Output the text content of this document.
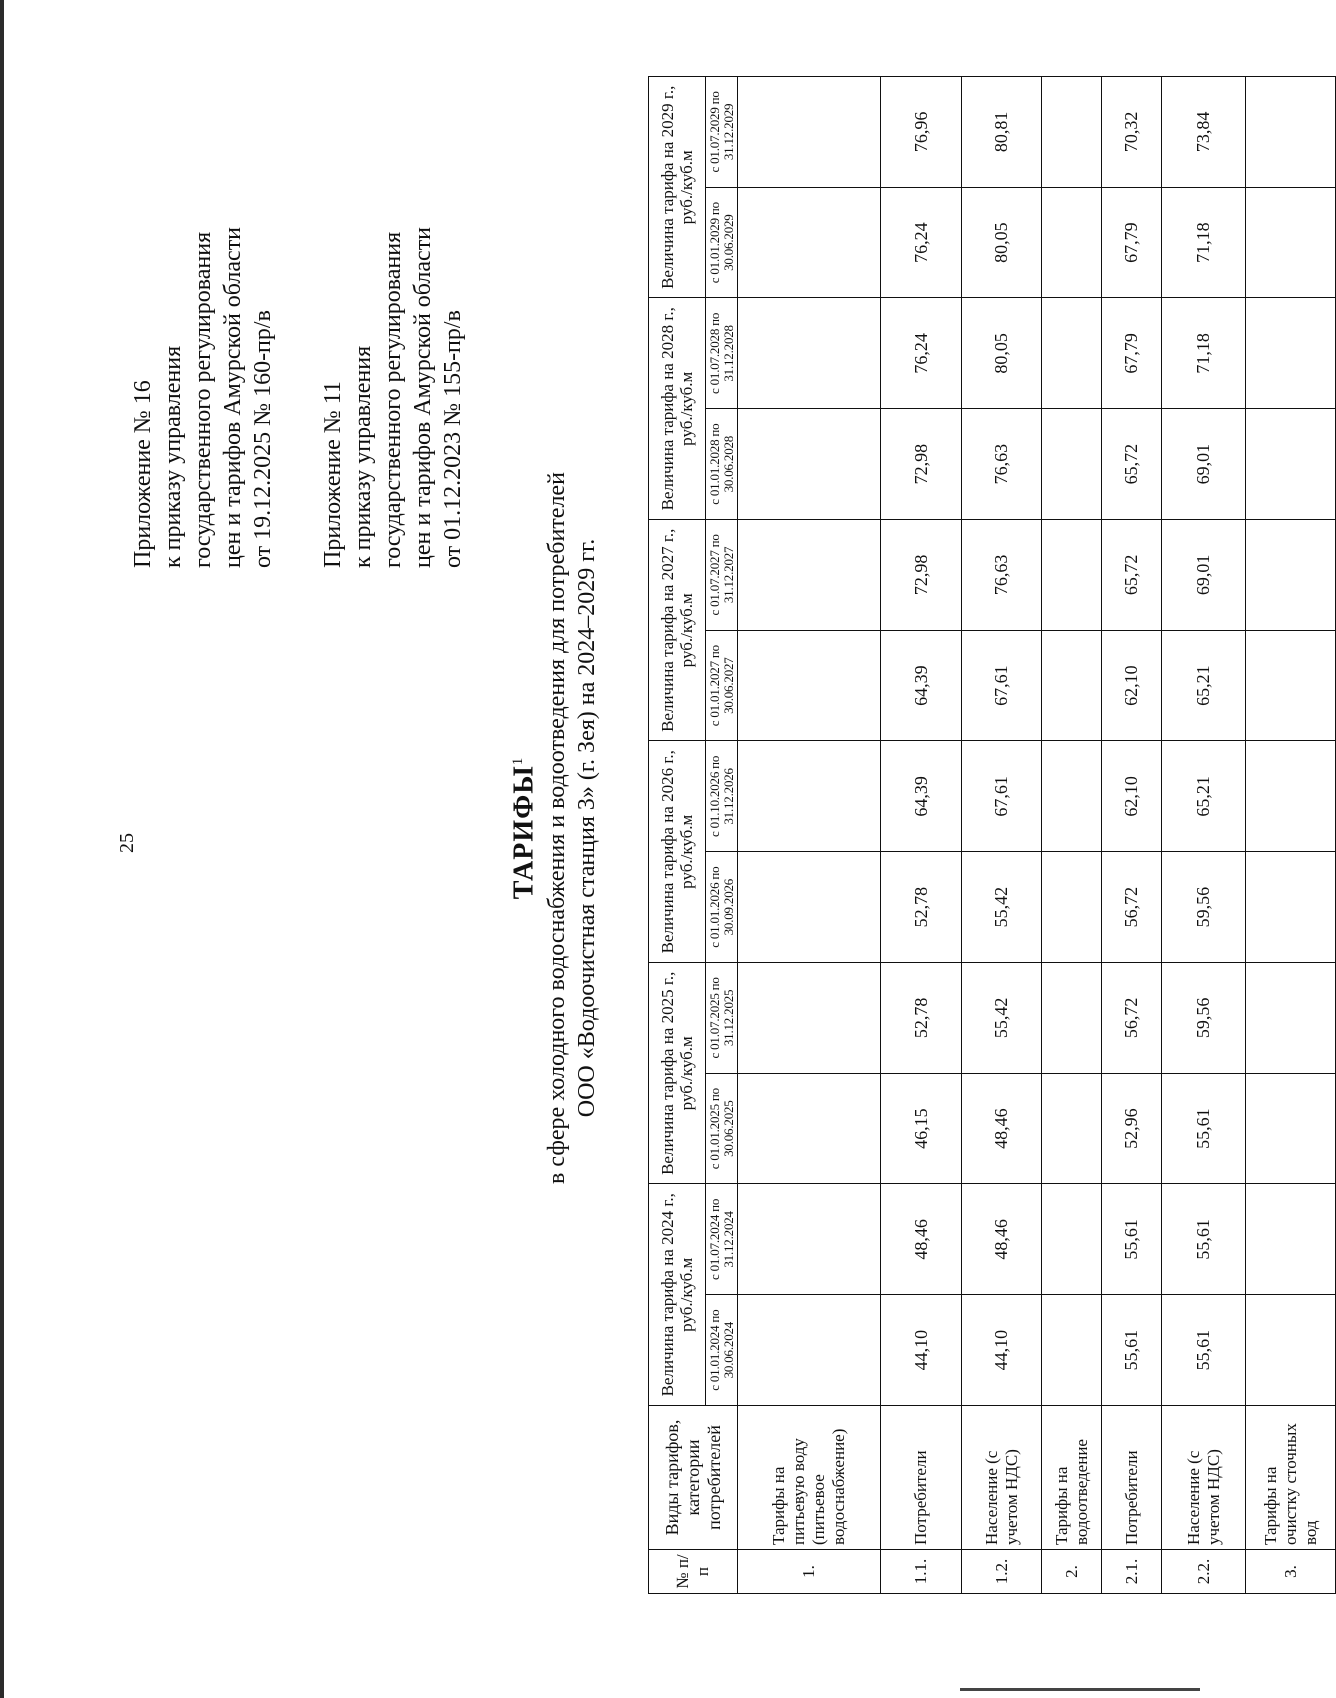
25
Приложение № 16 к приказу управления государственного регулирования цен и тарифов Амурской области от 19.12.2025 № 160-пр/в Приложение № 11 к приказу управления государственного регулирования цен и тарифов Амурской области от 01.12.2023 № 155-пр/в
ТАРИФЫ$^1$ в сфере холодного водоснабжения и водоотведения для потребителей ООО «Водоочистная станция 3» (г. Зея) на 2024–2029 гг.
№ п/п	Виды тарифов, категории потребителей	Величина тарифа на 2024 г., руб./куб.м		Величина тарифа на 2025 г., руб./куб.м		Величина тарифа на 2026 г., руб./куб.м		Величина тарифа на 2027 г., руб./куб.м		Величина тарифа на 2028 г., руб./куб.м		Величина тарифа на 2029 г., руб./куб.м	
		с 01.01.2024 по 30.06.2024	с 01.07.2024 по 31.12.2024	с 01.01.2025 по 30.06.2025	с 01.07.2025 по 31.12.2025	с 01.01.2026 по 30.09.2026	с 01.10.2026 по 31.12.2026	с 01.01.2027 по 30.06.2027	с 01.07.2027 по 31.12.2027	с 01.01.2028 по 30.06.2028	с 01.07.2028 по 31.12.2028	с 01.01.2029 по 30.06.2029	с 01.07.2029 по 31.12.2029
1.	Тарифы на питьевую воду (питьевое водоснабжение)												
1.1.	Потребители	44,10	48,46	46,15	52,78	52,78	64,39	64,39	72,98	72,98	76,24	76,24	76,96
1.2.	Население (с учетом НДС)	44,10	48,46	48,46	55,42	55,42	67,61	67,61	76,63	76,63	80,05	80,05	80,81
2.	Тарифы на водоотведение												
2.1.	Потребители	55,61	55,61	52,96	56,72	56,72	62,10	62,10	65,72	65,72	67,79	67,79	70,32
2.2.	Население (с учетом НДС)	55,61	55,61	55,61	59,56	59,56	65,21	65,21	69,01	69,01	71,18	71,18	73,84
3.	Тарифы на очистку сточных вод												
